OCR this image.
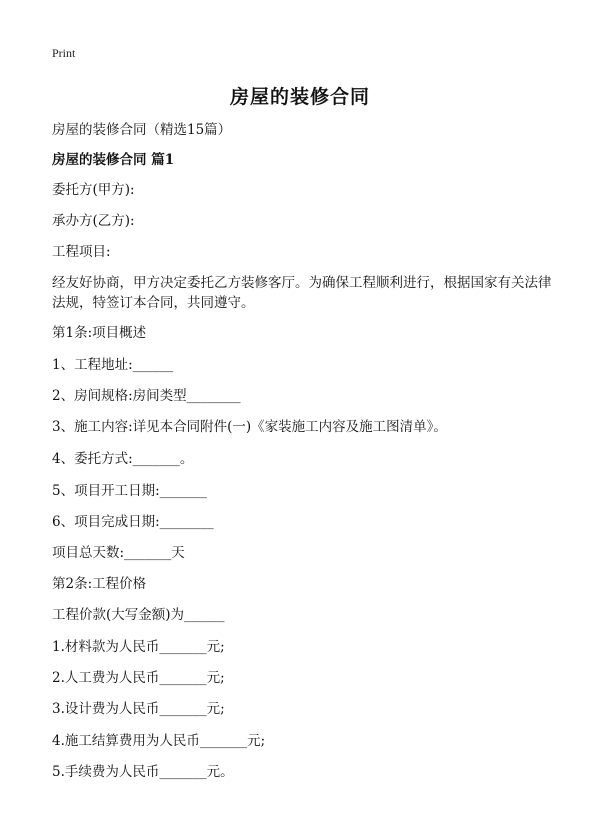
Print
房屋的装修合同
房屋的装修合同（精选15篇）
房屋的装修合同 篇1
委托方(甲方):
承办方(乙方):
工程项目:
经友好协商，甲方决定委托乙方装修客厅。为确保工程顺利进行，根据国家有关法律法规，特签订本合同，共同遵守。
第1条:项目概述
1、工程地址:______
2、房间规格:房间类型________
3、施工内容:详见本合同附件(一)《家装施工内容及施工图清单》。
4、委托方式:_______。
5、项目开工日期:_______
6、项目完成日期:________
项目总天数:_______天
第2条:工程价格
工程价款(大写金额)为______
1.材料款为人民币_______元;
2.人工费为人民币_______元;
3.设计费为人民币_______元;
4.施工结算费用为人民币_______元;
5.手续费为人民币_______元。
